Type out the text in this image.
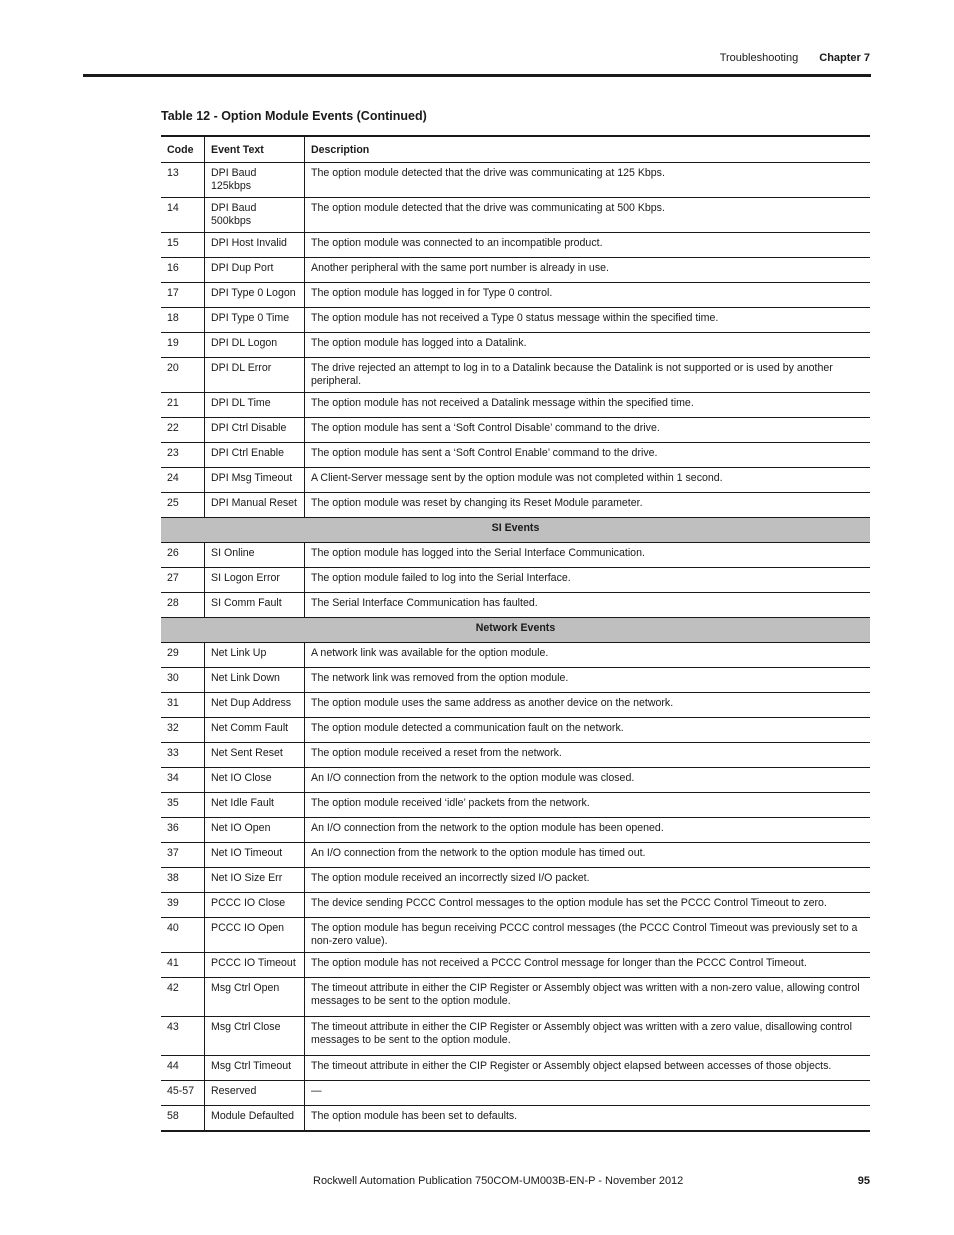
Troubleshooting Chapter 7
Table 12 - Option Module Events (Continued)
Code	Event Text	Description
13	DPI Baud 125kbps	The option module detected that the drive was communicating at 125 Kbps.
14	DPI Baud 500kbps	The option module detected that the drive was communicating at 500 Kbps.
15	DPI Host Invalid	The option module was connected to an incompatible product.
16	DPI Dup Port	Another peripheral with the same port number is already in use.
17	DPI Type 0 Logon	The option module has logged in for Type 0 control.
18	DPI Type 0 Time	The option module has not received a Type 0 status message within the specified time.
19	DPI DL Logon	The option module has logged into a Datalink.
20	DPI DL Error	The drive rejected an attempt to log in to a Datalink because the Datalink is not supported or is used by another peripheral.
21	DPI DL Time	The option module has not received a Datalink message within the specified time.
22	DPI Ctrl Disable	The option module has sent a ‘Soft Control Disable’ command to the drive.
23	DPI Ctrl Enable	The option module has sent a ‘Soft Control Enable’ command to the drive.
24	DPI Msg Timeout	A Client-Server message sent by the option module was not completed within 1 second.
25	DPI Manual Reset	The option module was reset by changing its Reset Module parameter.
SI Events		
26	SI Online	The option module has logged into the Serial Interface Communication.
27	SI Logon Error	The option module failed to log into the Serial Interface.
28	SI Comm Fault	The Serial Interface Communication has faulted.
Network Events		
29	Net Link Up	A network link was available for the option module.
30	Net Link Down	The network link was removed from the option module.
31	Net Dup Address	The option module uses the same address as another device on the network.
32	Net Comm Fault	The option module detected a communication fault on the network.
33	Net Sent Reset	The option module received a reset from the network.
34	Net IO Close	An I/O connection from the network to the option module was closed.
35	Net Idle Fault	The option module received ‘idle’ packets from the network.
36	Net IO Open	An I/O connection from the network to the option module has been opened.
37	Net IO Timeout	An I/O connection from the network to the option module has timed out.
38	Net IO Size Err	The option module received an incorrectly sized I/O packet.
39	PCCC IO Close	The device sending PCCC Control messages to the option module has set the PCCC Control Timeout to zero.
40	PCCC IO Open	The option module has begun receiving PCCC control messages (the PCCC Control Timeout was previously set to a non-zero value).
41	PCCC IO Timeout	The option module has not received a PCCC Control message for longer than the PCCC Control Timeout.
42	Msg Ctrl Open	The timeout attribute in either the CIP Register or Assembly object was written with a non-zero value, allowing control messages to be sent to the option module.
43	Msg Ctrl Close	The timeout attribute in either the CIP Register or Assembly object was written with a zero value, disallowing control messages to be sent to the option module.
44	Msg Ctrl Timeout	The timeout attribute in either the CIP Register or Assembly object elapsed between accesses of those objects.
45-57	Reserved	—
58	Module Defaulted	The option module has been set to defaults.
Rockwell Automation Publication 750COM-UM003B-EN-P - November 2012	95
